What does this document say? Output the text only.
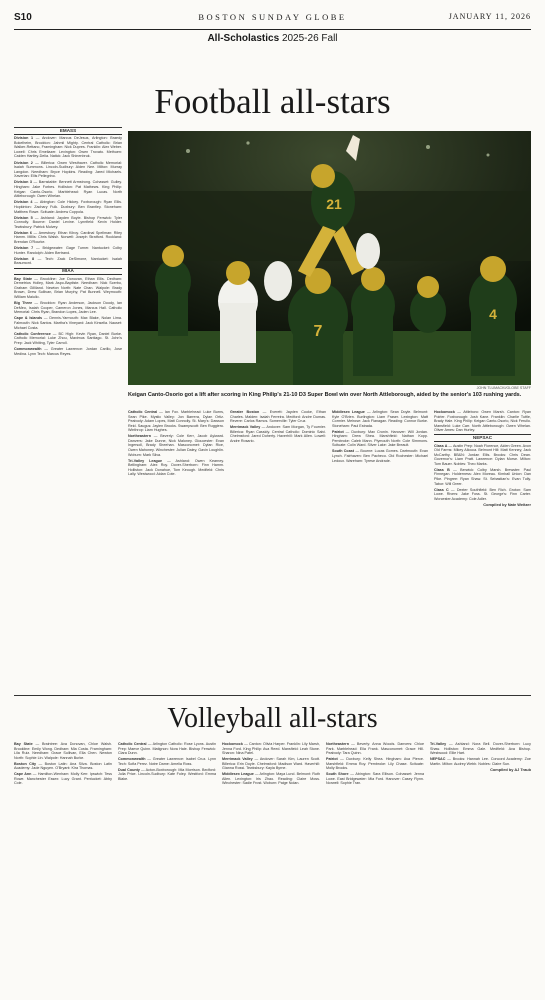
S10	BOSTON SUNDAY GLOBE	JANUARY 11, 2026
All-Scholastics 2025-26 Fall
Football all-stars
EMASS
Division 1 — Andover: Marcus DeJesus, Arlington: Braedy Bokelheim, Brockton: Jahmil Mighty. Central Catholic: Brian Walker-Rettano, Framingham: Nick Dupres. Franklin: Alex Weber. Lowell: Chris Emeliazer. Lexington: Owen Trovato. Methuen: Caiden Hartley-Delia. Natick: Jack Shinenbruk.
Division 2 — Billerica: Owen Westhaver. Catholic Memorial: Isaiah Summons. Lincoln-Sudbury: Aiden Nee. Milton: Murray Langdon. Needham: Bryce Hopkins. Reading: Jared Michaels. Xaverian: Ellis Pellegrino.
Division 3 — Barnstable: Bennett Armstrong. Cohasset: Gulley. Hingham: Jake Forbes. Holliston: Pat Mathews. King Philip: Keigan Canto-Osorio. Marblehead: Ryan Lucas. North Attleborough: Owen Whelan.
Division 4 — Abington: Cole Hickey. Foxborough: Ryan Ellis. Hopkinton: Zachary Fulk. Duxbury: Ben Brantley. Stoneham: Matthew Rowe. Scituate: Andrew Coppola.
Division 5 — Ashland: Jayden Boyle. Bishop Fenwick: Tyler Connolly. Bourne: Daniel Levine. Lynnfield: Kevin Holder. Tewksbury: Patrick Mulvey.
Division 6 — Amesbury: Ethan Kilroy. Cardinal Spellman: Riley Hamm. Millis: Chris Walsh. Norwell: Joseph Stratford. Rockland: Brendan O'Rourke.
Division 7 — Bridgewater: Gage Turner. Nantucket: Colby Hunter. Randolph: Aiden Bertrand.
Division 8 — Tech: Zack DeSimone, Nantucket: Isaiah Beaumont.
MIAA
Bay State — Brookline: Joe Donovan, Ethan Ellis. Dedham: Demetrios Holley, Mark Aspo-Baptiste. Needham: Nick Scerbo, Graham Gilliland. Newton North: Nate Chan. Walpole: Brady Brown, Drew Sullivan, Brian Murphy, Pat Bunnell. Weymouth: William Maiullo.
Big Three — Brockton: Ryan Anderson, Jackson Doody, Ian DeMeo, Isaiah Cooper, Cameron Jones, Marcus Hall. Catholic Memorial: Chris Ryan, Brandon Lopes, Jaden Lee.
Cape & Islands — Dennis-Yarmouth: Max Blake, Nolan Lima. Falmouth: Nick Santos. Martha's Vineyard: Jack Kinsella. Nauset: Michael Costa.
Catholic Conference — BC High: Kevin Ryan, Daniel Burke. Catholic Memorial: Luke Zhou, Maximus Santiago. St. John's Prep: Jack Whiting, Tyler Carroll.
Commonwealth — Greater Lawrence: Jordan Carillo, Jose Medina. Lynn Tech: Marcus Reyes.
4
7
21
JOHN TLUMACKI/GLOBE STAFF
Keigan Canto-Osorio got a lift after scoring in King Philip's 21-10 D3 Super Bowl win over North Attleborough, aided by the senior's 103 rushing yards.

Catholic Central — Ian Fox. Marblehead: Luke Burns, Sean Pike. Mystic Valley: Jon Barrera, Dylan Ortiz. Peabody: Adam Lopes, Matt Connolly. St. Mary's: Dawson Reid. Saugus: Jaylen Brooks. Swampscott: Ben Ruggiero. Winthrop: Liam Hughes.

Northeastern — Beverly: Cole Kerr, Jacob Aylward. Danvers: Jake Dunne, Nick Maloney. Gloucester: Evan Ingersoll, Brady Sheehan. Masconomet: Dylan Rice, Owen Mahoney. Winchester: Julian Daley, Gavin Loughlin. Woburn: Mark Silva.

Tri-Valley League — Ashland: Owen Kearney. Bellingham: Alex Roy. Dover-Sherborn: Finn Hamm. Holliston: Jack Donahue, Tom Keough. Medfield: Chris Lally. Westwood: Aidan Cote.

Greater Boston — Everett: Jayden Cooke, Ethan Charles. Malden: Isaiah Ferreira. Medford: Andre Dumas. Revere: Carlos Ramos. Somerville: Tyler Cruz.

Merrimack Valley — Andover: Sam Morgan, Ty Fournier. Billerica: Ryan Cassidy. Central Catholic: Dominic Salvi. Chelmsford: Jared Doherty. Haverhill: Mark Allen. Lowell: Andre Rosario.

Middlesex League — Arlington: Sean Doyle. Belmont: Kyle O'Brien. Burlington: Liam Fraser. Lexington: Matt Cormier. Melrose: Jack Flanagan. Reading: Connor Burke. Stoneham: Paul Estrada.

Patriot — Duxbury: Max Cronin. Hanover: Will Jordan. Hingham: Drew Shea. Marshfield: Nathan Kopp. Pembroke: Caleb Mann. Plymouth North: Cole Simmons. Scituate: Colin Ward. Silver Lake: Jake Breault.

South Coast — Bourne: Lucas Gomes. Dartmouth: Evan Lynch. Fairhaven: Ben Pacheco. Old Rochester: Michael Ledoux. Wareham: Tyrese Andrade.

Hockomock — Attleboro: Owen Marsh. Canton: Ryan Poirier. Foxborough: Josh Kane. Franklin: Charlie Tuttle, Brady Hale. King Philip: Keigan Canto-Osorio, Nick Ferullo. Mansfield: Luke Carr. North Attleborough: Owen Whelan. Oliver Ames: Dan Hurley.

NEPSAC

Class A — Austin Prep: Noah Florence, Aiden Green. Avon Old Farms: Mikey Allocca. Belmont Hill: Matt Kenney, Jack McCarthy. BB&N: Jordan Ellis. Brooks: Chris Dean. Governor's: Liam Pratt. Lawrence: Dylan Morse. Milton: Tom Bauer. Nobles: Theo Marks.

Class B — Berwick: Colby Marsh. Brewster: Paul Finnegan. Holderness: Alex Moreau. Kimball Union: Dan Pike. Pingree: Ryan Shaw. St. Sebastian's: Evan Tully. Tabor: Will Greer.

Class C — Dexter Southfield: Ben Rich. Groton: Sam Lowe. Rivers: Jake Foss. St. George's: Finn Carter. Worcester Academy: Cole Adler.

Compiled by Nate Weitzer
Volleyball all-stars

Bay State — Braintree: Ava Donovan, Chloe Walsh. Brookline: Emily Wong. Dedham: Mia Costa. Framingham: Lila Ruiz. Needham: Grace Sullivan, Ella Chen. Newton North: Sophie Lin. Walpole: Hannah Burke.

Boston City — Boston Latin: Ana Silva. Boston Latin Academy: Jade Nguyen. O'Bryant: Kira Thomas.

Cape Ann — Hamilton-Wenham: Molly Kerr. Ipswich: Tess Rowe. Manchester Essex: Lucy Grant. Pentucket: Abby Cole.

Catholic Central — Arlington Catholic: Rose Lyons. Austin Prep: Maeve Quinn. Matignon: Nora Hale. Bishop Fenwick: Clara Dunn.

Commonwealth — Greater Lawrence: Isabel Cruz. Lynn Tech: Sofia Perez. Notre Dame: Amelia Ross.

Dual County — Acton-Boxborough: Mia Morrison. Bedford: Julia Price. Lincoln-Sudbury: Kate Foley. Westford: Emma Blake.

Hockomock — Canton: Olivia Harper. Franklin: Lily Marsh, Jenna Ford. King Philip: Ava Reed. Mansfield: Leah Stone. Sharon: Nina Patel.

Merrimack Valley — Andover: Sarah Kim, Lauren Scott. Billerica: Erin Doyle. Chelmsford: Madison Ward. Haverhill: Gianna Rossi. Tewksbury: Kayla Byrne.

Middlesex League — Arlington: Maya Lund. Belmont: Ruth Allen. Lexington: Iris Zhao. Reading: Claire Moss. Winchester: Sadie Frost. Woburn: Paige Nolan.

Northeastern — Beverly: Anna Woods. Danvers: Chloe Park. Marblehead: Ella Frank. Masconomet: Grace Hill. Peabody: Tara Quinn.

Patriot — Duxbury: Kelly Shea. Hingham: Ava Pierce. Marshfield: Emma Roy. Pembroke: Lily Chase. Scituate: Molly Brooks.

South Shore — Abington: Sara Ellison. Cohasset: Jenna Lowe. East Bridgewater: Mia Ford. Hanover: Casey Flynn. Norwell: Sophie Tran.

Tri-Valley — Ashland: Nora Bell. Dover-Sherborn: Lucy Shaw. Holliston: Emma Gale. Medfield: Ava Bishop. Westwood: Ellie Hart.

NEPSAC — Brooks: Hannah Lee. Concord Academy: Zoe Martin. Milton: Audrey Webb. Nobles: Claire Sun.

Compiled by AJ Traub
